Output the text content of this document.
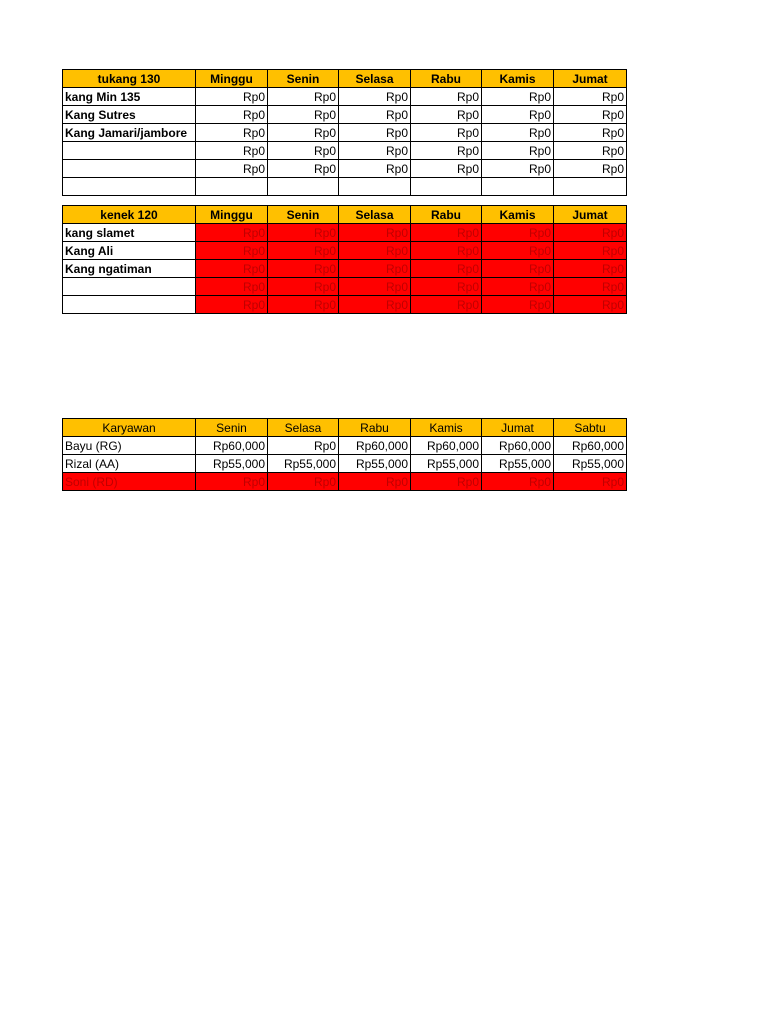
tukang 130	Minggu	Senin	Selasa	Rabu	Kamis	Jumat
kang Min 135	Rp0	Rp0	Rp0	Rp0	Rp0	Rp0
Kang Sutres	Rp0	Rp0	Rp0	Rp0	Rp0	Rp0
Kang Jamari/jambore	Rp0	Rp0	Rp0	Rp0	Rp0	Rp0
	Rp0	Rp0	Rp0	Rp0	Rp0	Rp0
	Rp0	Rp0	Rp0	Rp0	Rp0	Rp0

kenek 120	Minggu	Senin	Selasa	Rabu	Kamis	Jumat
kang slamet	Rp0	Rp0	Rp0	Rp0	Rp0	Rp0
Kang Ali	Rp0	Rp0	Rp0	Rp0	Rp0	Rp0
Kang ngatiman	Rp0	Rp0	Rp0	Rp0	Rp0	Rp0
	Rp0	Rp0	Rp0	Rp0	Rp0	Rp0
	Rp0	Rp0	Rp0	Rp0	Rp0	Rp0
Karyawan	Senin	Selasa	Rabu	Kamis	Jumat	Sabtu
Bayu (RG)	Rp60,000	Rp0	Rp60,000	Rp60,000	Rp60,000	Rp60,000
Rizal (AA)	Rp55,000	Rp55,000	Rp55,000	Rp55,000	Rp55,000	Rp55,000
Soni (RD)	Rp0	Rp0	Rp0	Rp0	Rp0	Rp0
